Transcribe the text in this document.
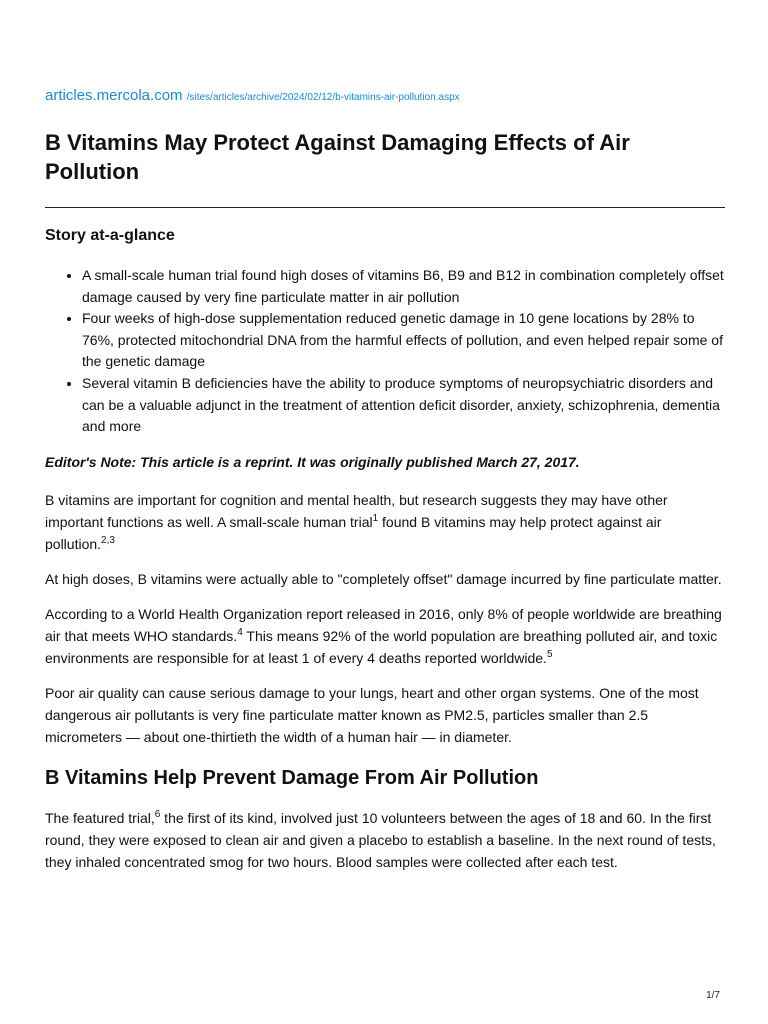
articles.mercola.com /sites/articles/archive/2024/02/12/b-vitamins-air-pollution.aspx
B Vitamins May Protect Against Damaging Effects of Air Pollution
Story at-a-glance
• A small-scale human trial found high doses of vitamins B6, B9 and B12 in combination completely offset damage caused by very fine particulate matter in air pollution
• Four weeks of high-dose supplementation reduced genetic damage in 10 gene locations by 28% to 76%, protected mitochondrial DNA from the harmful effects of pollution, and even helped repair some of the genetic damage
• Several vitamin B deficiencies have the ability to produce symptoms of neuropsychiatric disorders and can be a valuable adjunct in the treatment of attention deficit disorder, anxiety, schizophrenia, dementia and more

Editor's Note: This article is a reprint. It was originally published March 27, 2017.

B vitamins are important for cognition and mental health, but research suggests they may have other important functions as well. A small-scale human trial$^1$ found B vitamins may help protect against air pollution.$^{2,3}$

At high doses, B vitamins were actually able to "completely offset" damage incurred by fine particulate matter.

According to a World Health Organization report released in 2016, only 8% of people worldwide are breathing air that meets WHO standards.$^4$ This means 92% of the world population are breathing polluted air, and toxic environments are responsible for at least 1 of every 4 deaths reported worldwide.$^5$

Poor air quality can cause serious damage to your lungs, heart and other organ systems. One of the most dangerous air pollutants is very fine particulate matter known as PM2.5, particles smaller than 2.5 micrometers — about one-thirtieth the width of a human hair — in diameter.

B Vitamins Help Prevent Damage From Air Pollution

The featured trial,$^6$ the first of its kind, involved just 10 volunteers between the ages of 18 and 60. In the first round, they were exposed to clean air and given a placebo to establish a baseline. In the next round of tests, they inhaled concentrated smog for two hours. Blood samples were collected after each test.

1/7
